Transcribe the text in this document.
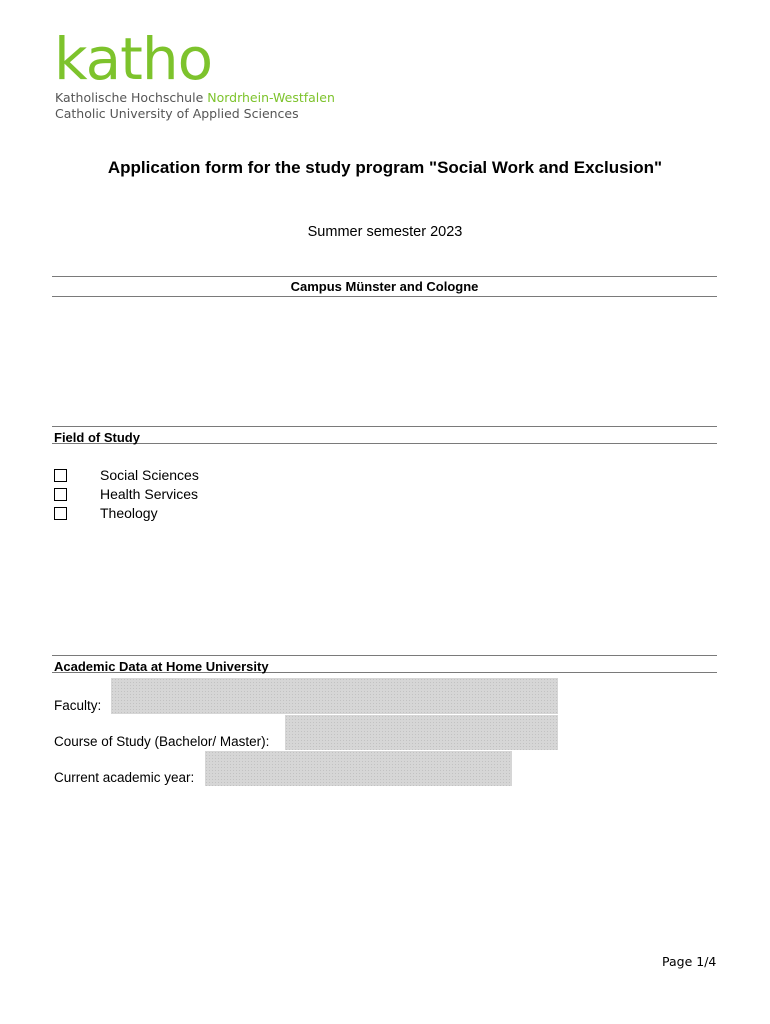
katho
Katholische Hochschule Nordrhein-Westfalen
Catholic University of Applied Sciences
Application form for the study program "Social Work and Exclusion"
Summer semester 2023
Campus Münster and Cologne
Field of Study
Social Sciences
Health Services
Theology
Academic Data at Home University
Faculty:
Course of Study (Bachelor/ Master):
Current academic year:
Page 1/4
